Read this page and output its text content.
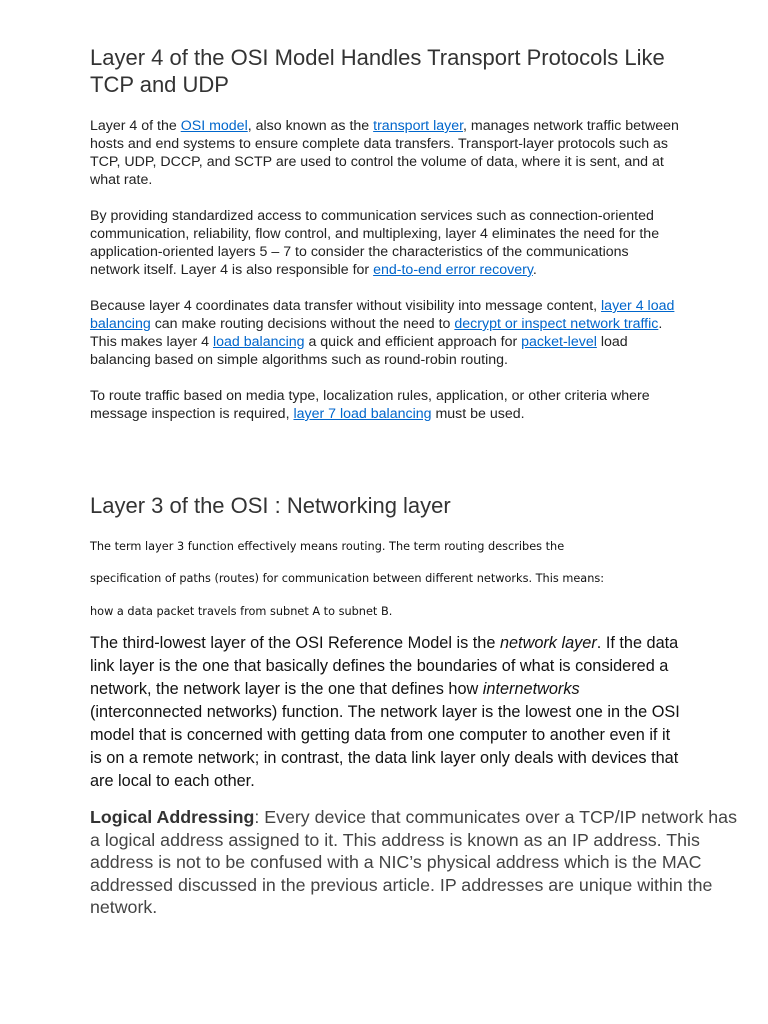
Layer 4 of the OSI Model Handles Transport Protocols Like TCP and UDP

Layer 4 of the OSI model, also known as the transport layer, manages network traffic between hosts and end systems to ensure complete data transfers. Transport-layer protocols such as TCP, UDP, DCCP, and SCTP are used to control the volume of data, where it is sent, and at what rate.

By providing standardized access to communication services such as connection-oriented communication, reliability, flow control, and multiplexing, layer 4 eliminates the need for the application-oriented layers 5 – 7 to consider the characteristics of the communications network itself. Layer 4 is also responsible for end-to-end error recovery.

Because layer 4 coordinates data transfer without visibility into message content, layer 4 load balancing can make routing decisions without the need to decrypt or inspect network traffic. This makes layer 4 load balancing a quick and efficient approach for packet-level load balancing based on simple algorithms such as round-robin routing.

To route traffic based on media type, localization rules, application, or other criteria where message inspection is required, layer 7 load balancing must be used.

Layer 3 of the OSI : Networking layer

The term layer 3 function effectively means routing. The term routing describes the

specification of paths (routes) for communication between different networks. This means:

how a data packet travels from subnet A to subnet B.

The third-lowest layer of the OSI Reference Model is the network layer. If the data link layer is the one that basically defines the boundaries of what is considered a network, the network layer is the one that defines how internetworks (interconnected networks) function. The network layer is the lowest one in the OSI model that is concerned with getting data from one computer to another even if it is on a remote network; in contrast, the data link layer only deals with devices that are local to each other.

Logical Addressing: Every device that communicates over a TCP/IP network has a logical address assigned to it. This address is known as an IP address. This address is not to be confused with a NIC’s physical address which is the MAC addressed discussed in the previous article. IP addresses are unique within the network.
